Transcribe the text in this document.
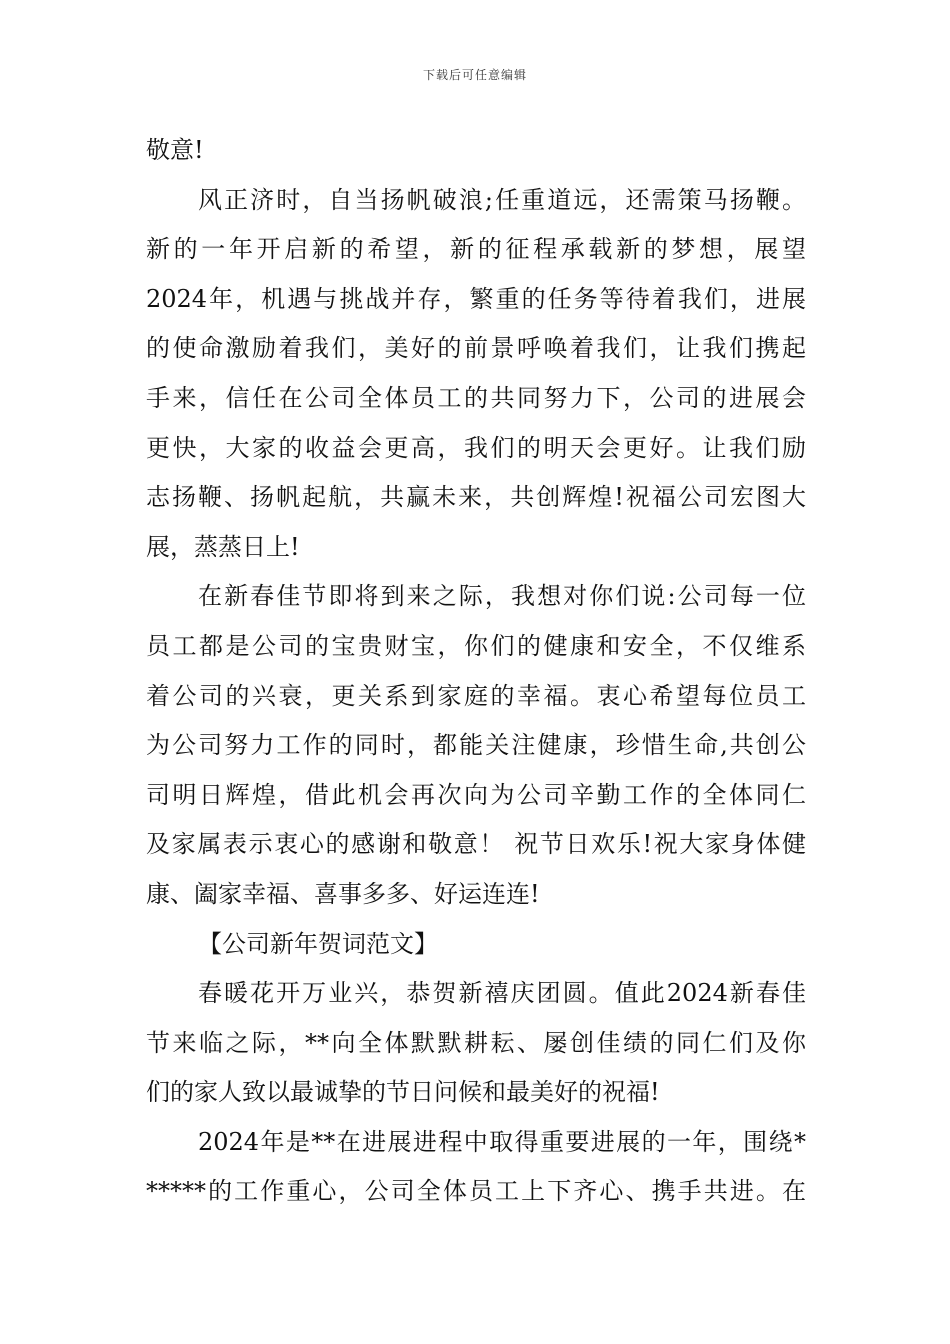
下载后可任意编辑
敬意!
风正济时，自当扬帆破浪;任重道远，还需策马扬鞭。
新的一年开启新的希望，新的征程承载新的梦想，展望
2024年，机遇与挑战并存，繁重的任务等待着我们，进展
的使命激励着我们，美好的前景呼唤着我们，让我们携起
手来，信任在公司全体员工的共同努力下，公司的进展会
更快，大家的收益会更高，我们的明天会更好。让我们励
志扬鞭、扬帆起航，共赢未来，共创辉煌!祝福公司宏图大
展，蒸蒸日上!
在新春佳节即将到来之际，我想对你们说:公司每一位
员工都是公司的宝贵财宝，你们的健康和安全，不仅维系
着公司的兴衰，更关系到家庭的幸福。衷心希望每位员工
为公司努力工作的同时，都能关注健康，珍惜生命,共创公
司明日辉煌，借此机会再次向为公司辛勤工作的全体同仁
及家属表示衷心的感谢和敬意！ 祝节日欢乐!祝大家身体健
康、阖家幸福、喜事多多、好运连连!
【公司新年贺词范文】
春暖花开万业兴，恭贺新禧庆团圆。值此2024新春佳
节来临之际，**向全体默默耕耘、屡创佳绩的同仁们及你
们的家人致以最诚挚的节日问候和最美好的祝福!
2024年是**在进展进程中取得重要进展的一年，围绕*
*****的工作重心，公司全体员工上下齐心、携手共进。在
